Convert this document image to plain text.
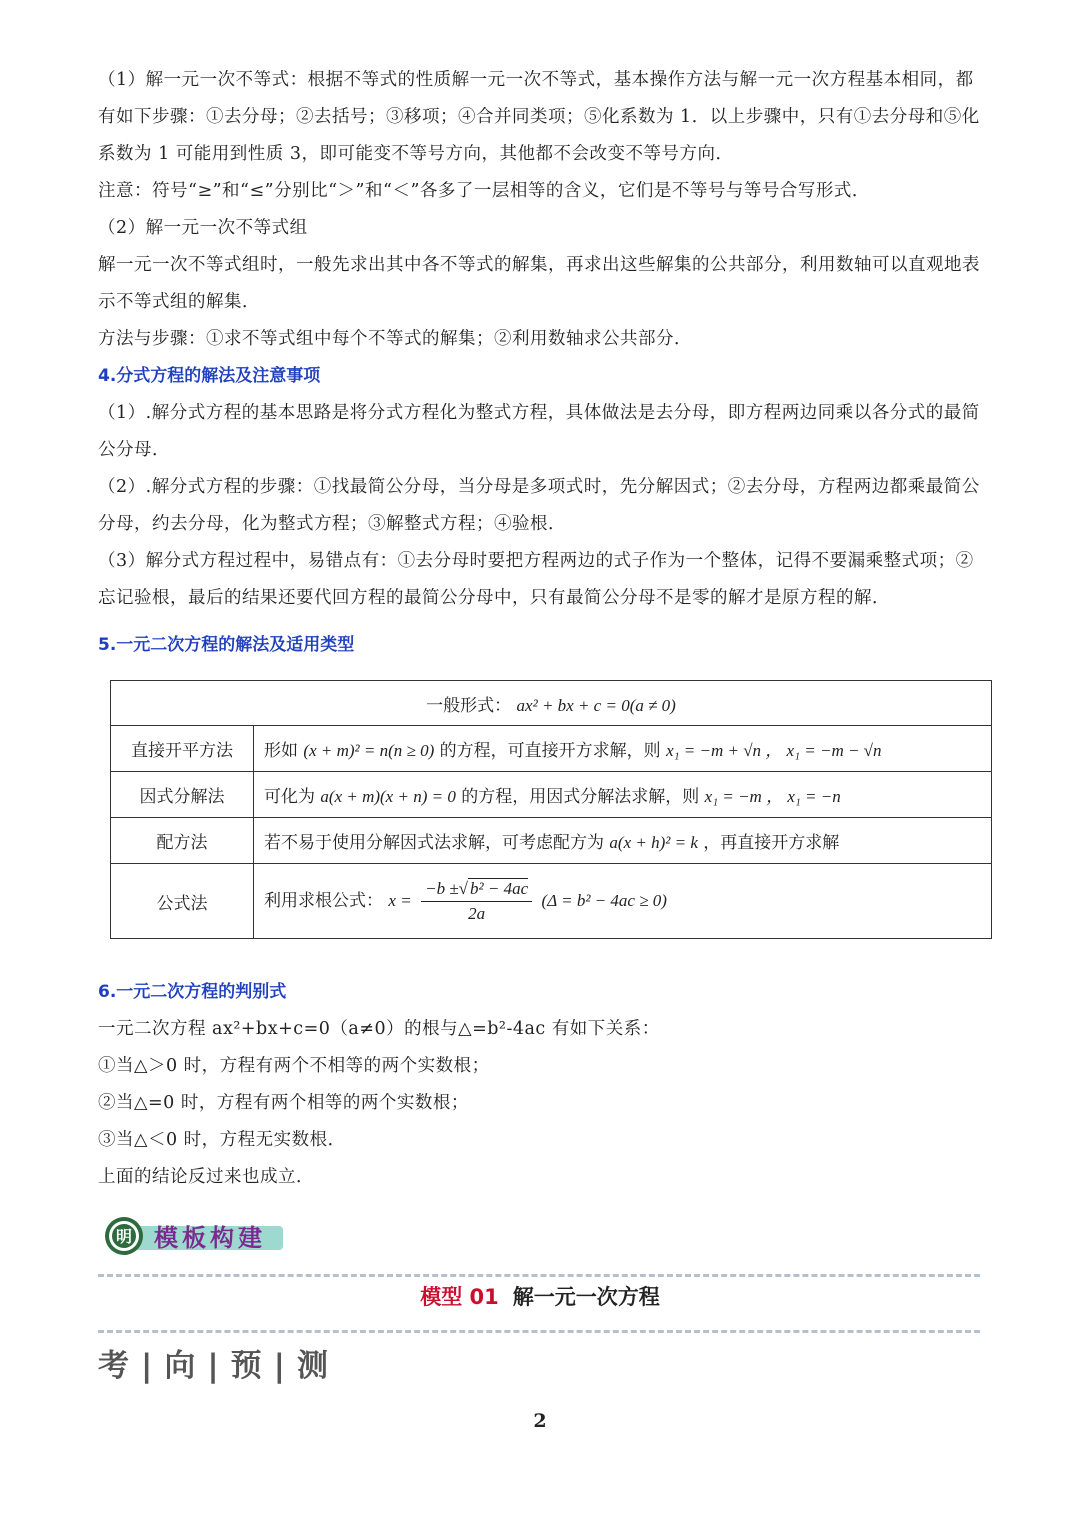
（1）解一元一次不等式：根据不等式的性质解一元一次不等式，基本操作方法与解一元一次方程基本相同，都有如下步骤：①去分母；②去括号；③移项；④合并同类项；⑤化系数为 1．以上步骤中，只有①去分母和⑤化系数为 1 可能用到性质 3，即可能变不等号方向，其他都不会改变不等号方向．

注意：符号“≥”和“≤”分别比“＞”和“＜”各多了一层相等的含义，它们是不等号与等号合写形式．

（2）解一元一次不等式组

解一元一次不等式组时，一般先求出其中各不等式的解集，再求出这些解集的公共部分，利用数轴可以直观地表示不等式组的解集．

方法与步骤：①求不等式组中每个不等式的解集；②利用数轴求公共部分．

4.分式方程的解法及注意事项

（1）.解分式方程的基本思路是将分式方程化为整式方程，具体做法是去分母，即方程两边同乘以各分式的最简公分母．

（2）.解分式方程的步骤：①找最简公分母，当分母是多项式时，先分解因式；②去分母，方程两边都乘最简公分母，约去分母，化为整式方程；③解整式方程；④验根．

（3）解分式方程过程中，易错点有：①去分母时要把方程两边的式子作为一个整体，记得不要漏乘整式项；②忘记验根，最后的结果还要代回方程的最简公分母中，只有最简公分母不是零的解才是原方程的解．

5.一元二次方程的解法及适用类型

一般形式： ax² + bx + c = 0(a ≠ 0)	
直接开平方法	形如 (x + m)² = n(n ≥ 0) 的方程，可直接开方求解，则 x₁ = −m + √n ， x₁ = −m − √n
因式分解法	可化为 a(x + m)(x + n) = 0 的方程，用因式分解法求解，则 x₁ = −m ， x₁ = −n
配方法	若不易于使用分解因式法求解，可考虑配方为 a(x + h)² = k ，再直接开方求解
公式法	利用求根公式： $x = \frac{\text{−b ±√ b² − 4ac}}{2a} (\Delta = b^2 - 4ac \ge 0)$

6.一元二次方程的判别式

一元二次方程 ax²+bx+c=0（a≠0）的根与△=b²-4ac 有如下关系：

①当△＞0 时，方程有两个不相等的两个实数根；

②当△=0 时，方程有两个相等的两个实数根；

③当△＜0 时，方程无实数根．

上面的结论反过来也成立．

明 模板构建
模型 01 解一元一次方程
考 | 向 | 预 | 测
2
